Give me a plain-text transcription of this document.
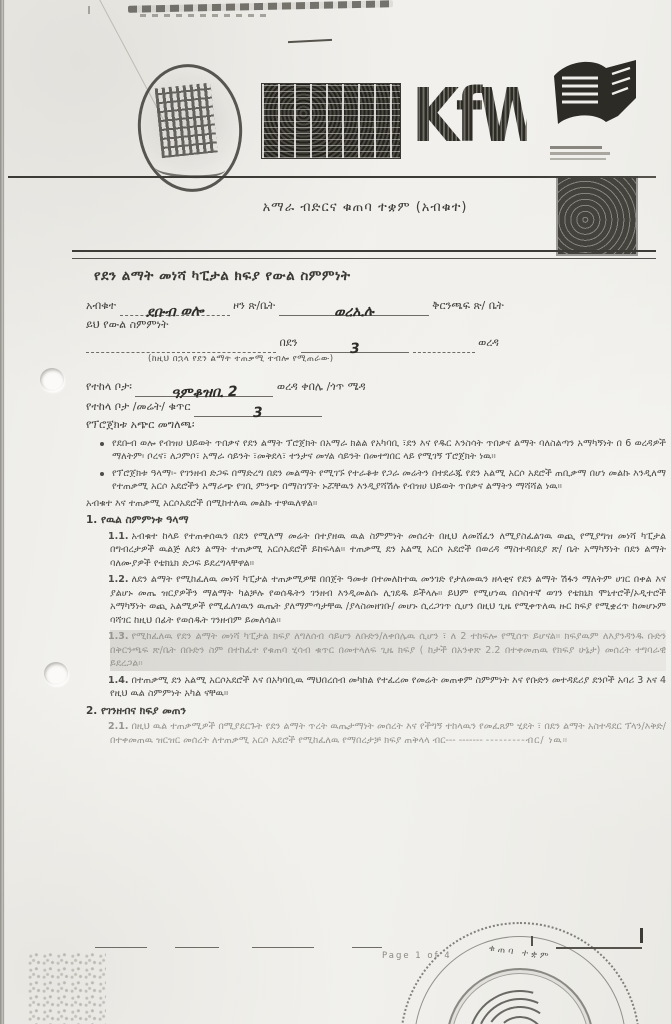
KfW
አማራ ብድርና ቁጠባ ተቋም (አብቁተ)
የደን ልማት መነሻ ካፒታል ክፍያ የውል ስምምነት
አብቁተ ደቡብ ወሎ	ዞን ጽ/ቤት	ወረኢሉ	ቅርንጫፍ ጽ/ ቤት
ይህ የውል ስምምነት
በደን	3	ወረዳ
(ከዚህ በኋላ የደን ልማት ተጠቃሚ ተብሎ የሚጠራው)
የተከላ ቦታ፡	ዓምቆዝቢ 2	ወረዳ ቀበሌ /ጎጥ ሜዳ
የተከላ ቦታ /መሬት/ ቁጥር	3
የፕሮጀክቱ አጭር መግለጫ፡
የደቡብ ወሎ የብዝሀ ህይወት ጥበቃና የደን ልማት ፕሮጀክት በአማራ ክልል የአካባቢ ፣ደን እና የዱር እንስሳት ጥበቃና ልማት ባለስልጣን አማካኝነት በ 6 ወረዳዎች ማለትም፡ ቦረና፣ ለጋምቦ፣ አማራ ሳይንት ፣መቅደላ፣ ተንታና መሃል ሳይንት በመተግበር ላይ የሚገኝ ፕሮጀክት ነዉ።
የፕሮጀክቱ ዓላማ፡- የገንዘብ ድጋፍ በማድረግ በደን መልማት የሚገኙ የተራቆቱ የጋራ መሬትን በተደራጁ የደን አልሚ አርሶ አደሮች ጠቢቃማ በሆነ መልኩ እንዲለማ የተጠቃሚ አርሶ አደሮችን አማራጭ የገቢ ምንጭ በማስገኘት ኑሯቸዉን እንዲያሻሽሉ የብዝሀ ህይወት ጥበቃና ልማትን ማሻሻል ነዉ።
አብቁተ እና ተጠቃሚ አርሶአደሮች በሚከተለዉ መልኩ ተዋዉለዋል።
1. የዉል ስምምነቱ ዓላማ
1.1. አብቁተ ከላይ የተጠቀሰዉን በደን የሚለማ መሬት በተያዘዉ ዉል ስምምነት መሰረት በዚህ ለመሸፈን ለሚያስፈልገዉ ወጪ የሚያግዝ መነሻ ካፒታል በግብረታዎች ዉልጅ ለደን ልማት ተጠቃሚ አርሶአደሮች ይከፍላል። ተጠቃሚ ደን አልሚ አርሶ አደሮች በወረዳ ማስተዳበደያ ጽ/ ቤት አማካኝነት በደን ልማት ባለሙያዎች የቴክኒክ ድጋፍ ይደረግላቸዋል።
1.2. ለደን ልማት የሚከፈለዉ መነሻ ካፒታል ተጠቃሚዎቹ በበጀት ዓመቱ በተመለከተዉ መንገድ የታለመዉን ዘላቂና የደን ልማት ሽፋን ማለትም ሀገር በቀል እና ያልሆኑ መጤ ዝርያዎችን ማልማት ካልቻሉ የወሰዱትን ገንዘብ እንዲመልሱ ሊገደዱ ይችላሉ። ይህም የሚሆነዉ በሶስተኛ ወገን የቴክኒክ ሞኒተሮች/ኦዲተሮች አማካኝነት ወጪ አልሚዎች የሚፈለገዉን ዉጤት ያለማምጣታቸዉ /ያላስመዘገቡ/ መሆኑ ሲረጋገጥ ሲሆን በዚህ ጊዜ የሚቀጥለዉ ዙር ክፍያ የሚቋረጥ ከመሆኑም ባሻገር ከዚህ በፊት የወሰዱት ገንዘብም ይመለሳል።
1.3. የሚከፈለዉ የደን ልማት መነሻ ካፒታል ክፍያ ለግለሰብ ሳይሆን ለቡድን/ለቀበሌዉ ሲሆን ፣ ለ 2 ተከፍሎ የሚሰጥ ይሆናል። ክፍያዉም ለእያንዳንዱ ቡድን በቅርንጫፍ ጽ/ቤት በቡድን ስም በተከፈተ የቁጠባ ሂሳብ ቁጥር በመተላለፍ ጊዜ ክፍያ ( ከታች በአንቀጽ 2.2 በተቀመጠዉ የክፍያ ሁኔታ) መሰረት ተግባራዊ ይደረጋል።
1.4. በተጠቃሚ ደን አልሚ አርሶአደሮች እና በአካባቢዉ ማህበረሰብ መካከል የተፈረመ የመሬት መጠቀም ስምምነት እና የቡድን መተዳደሪያ ደንቦች አባሪ 3 እና 4 የዚህ ዉል ስምምነት አካል ናቸዉ።
2. የገንዘብና ክፍያ መጠን
2.1. በዚህ ዉል ተጠቃሚዎች በሚያደርጉት የደን ልማት ጥረት ዉጤታማነት መሰረት እና የችግኝ ተከላዉን የመፈጸም ሂደት ፣ በደን ልማት አስተዳደር ፕላን/እቅድ/ በተቀመጠዉ ዝርዝር መሰረት ለተጠቃሚ አርሶ አደሮች የሚከፈለዉ የማበረታቻ ክፍያ ጠቅላላ ብር--- ------- ---------ብር/ ነዉ።
Page 1 of 4	ቁጠባ ተቋም
